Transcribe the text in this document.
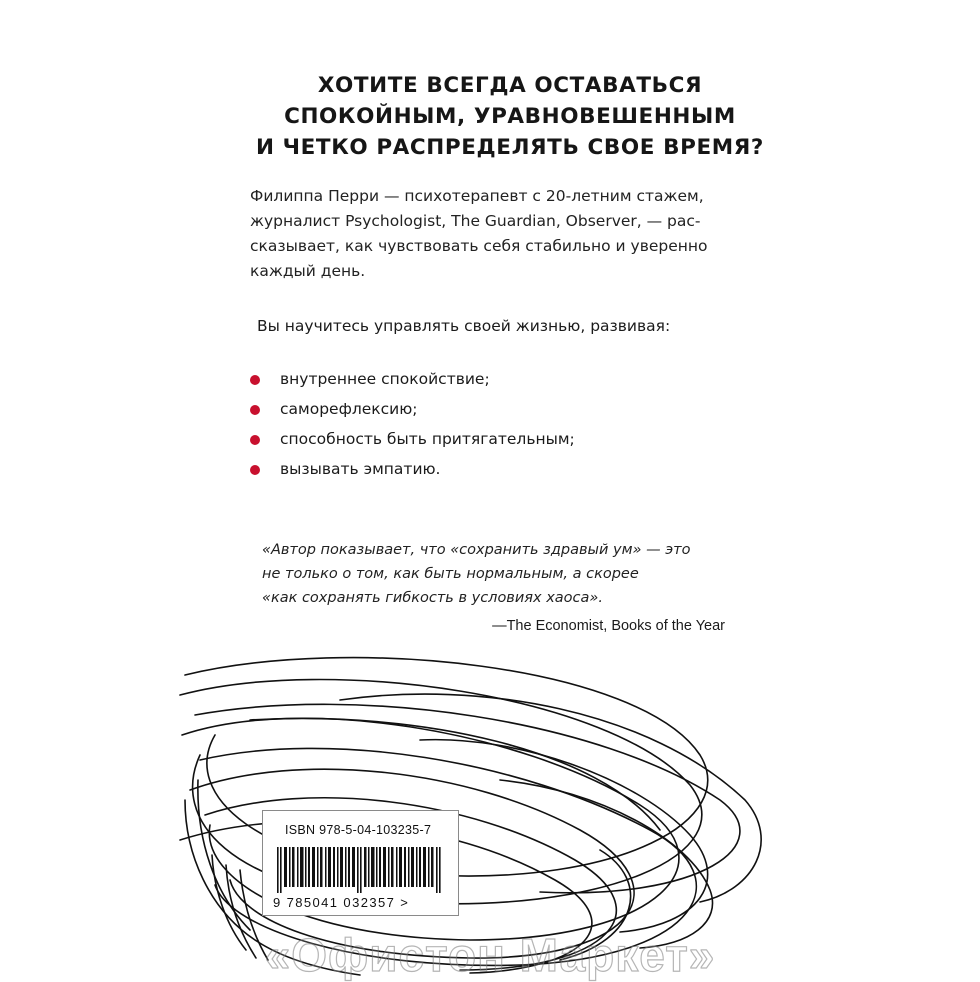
ХОТИТЕ ВСЕГДА ОСТАВАТЬСЯ
СПОКОЙНЫМ, УРАВНОВЕШЕННЫМ
И ЧЕТКО РАСПРЕДЕЛЯТЬ СВОЕ ВРЕМЯ?

Филиппа Перри — психотерапевт с 20-летним стажем,
журналист Psychologist, The Guardian, Observer, — рас-
сказывает, как чувствовать себя стабильно и уверенно
каждый день.

Вы научитесь управлять своей жизнью, развивая:

внутреннее спокойствие;
саморефлексию;
способность быть притягательным;
вызывать эмпатию.
«Автор показывает, что «сохранить здравый ум» — это
не только о том, как быть нормальным, а скорее
«как сохранять гибкость в условиях хаоса».

—The Economist, Books of the Year

ISBN 978-5-04-103235-7
9 785041 032357 >
«Офистон Маркет»
